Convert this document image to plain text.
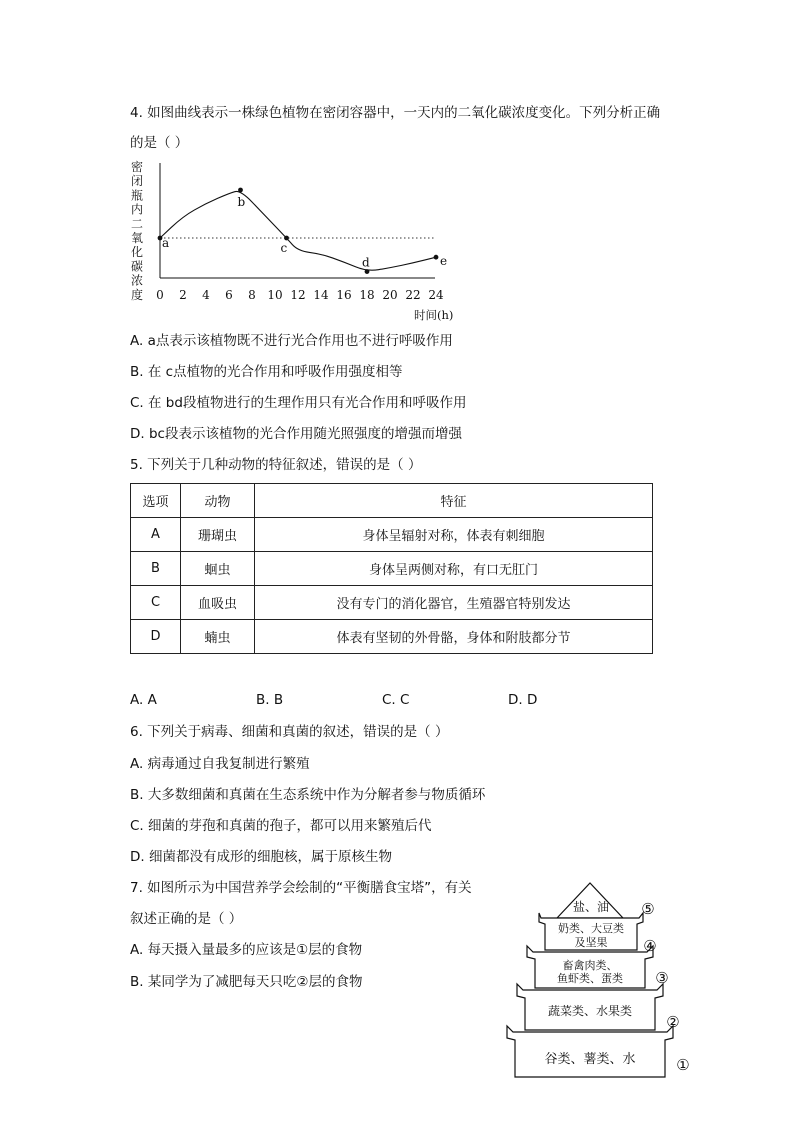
4. 如图曲线表示一株绿色植物在密闭容器中，一天内的二氧化碳浓度变化。下列分析正确
的是（ ）
密
闭
瓶
内
二
氧
化
碳
浓
度
a
b
c
d	e
0 2 4 6 8 10 12 14 16 18 20 22 24
时间(h)
A. a点表示该植物既不进行光合作用也不进行呼吸作用
B. 在 c点植物的光合作用和呼吸作用强度相等
C. 在 bd段植物进行的生理作用只有光合作用和呼吸作用
D. bc段表示该植物的光合作用随光照强度的增强而增强
5. 下列关于几种动物的特征叙述，错误的是（ ）
选项	动物	特征
A	珊瑚虫	身体呈辐射对称，体表有刺细胞
B	蛔虫	身体呈两侧对称，有口无肛门
C	血吸虫	没有专门的消化器官，生殖器官特别发达
D	蝻虫	体表有坚韧的外骨骼，身体和附肢都分节
A. A	B. B	C. C	D. D
6. 下列关于病毒、细菌和真菌的叙述，错误的是（ ）
A. 病毒通过自我复制进行繁殖
B. 大多数细菌和真菌在生态系统中作为分解者参与物质循环
C. 细菌的芽孢和真菌的孢子，都可以用来繁殖后代
D. 细菌都没有成形的细胞核，属于原核生物
7. 如图所示为中国营养学会绘制的“平衡膳食宝塔”，有关
叙述正确的是（ ）
A. 每天摄入量最多的应该是①层的食物
B. 某同学为了减肥每天只吃②层的食物
盐、油
奶类、大豆类
及坚果
畜禽肉类、
鱼虾类、蛋类
蔬菜类、水果类
谷类、薯类、水
⑤
④
③
②
①
